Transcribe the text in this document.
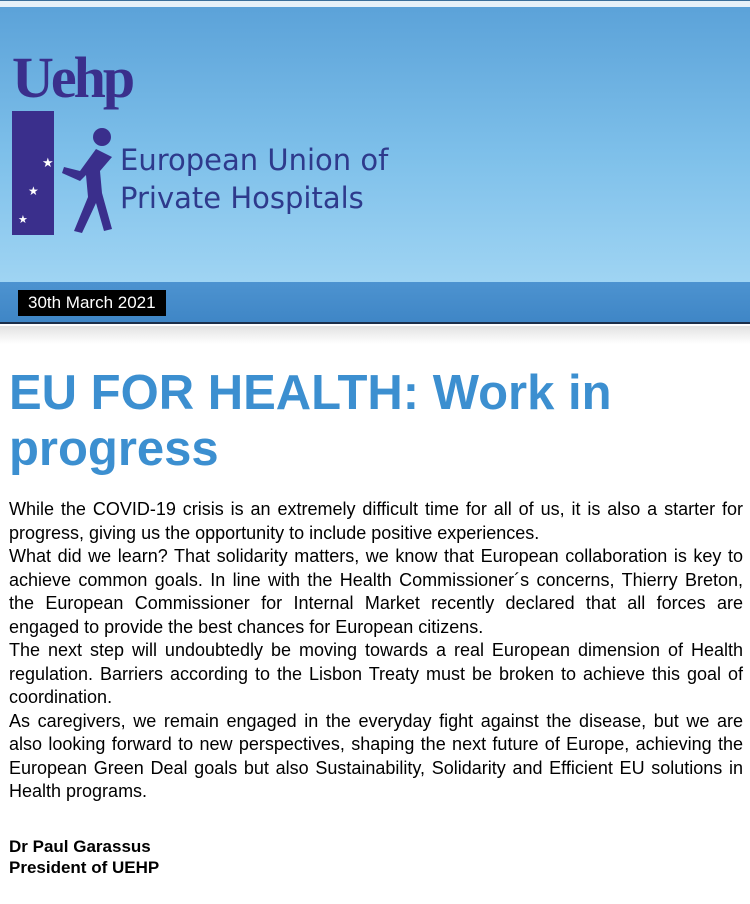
Uehp
★
★
★
European Union of
Private Hospitals
30th March 2021
EU FOR HEALTH: Work in progress

While the COVID-19 crisis is an extremely difficult time for all of us, it is also a starter for progress, giving us the opportunity to include positive experiences.

What did we learn? That solidarity matters, we know that European collaboration is key to achieve common goals. In line with the Health Commissioner´s concerns, Thierry Breton, the European Commissioner for Internal Market recently declared that all forces are engaged to provide the best chances for European citizens.

The next step will undoubtedly be moving towards a real European dimension of Health regulation. Barriers according to the Lisbon Treaty must be broken to achieve this goal of coordination.

As caregivers, we remain engaged in the everyday fight against the disease, but we are also looking forward to new perspectives, shaping the next future of Europe, achieving the European Green Deal goals but also Sustainability, Solidarity and Efficient EU solutions in Health programs.

Dr Paul Garassus
President of UEHP
